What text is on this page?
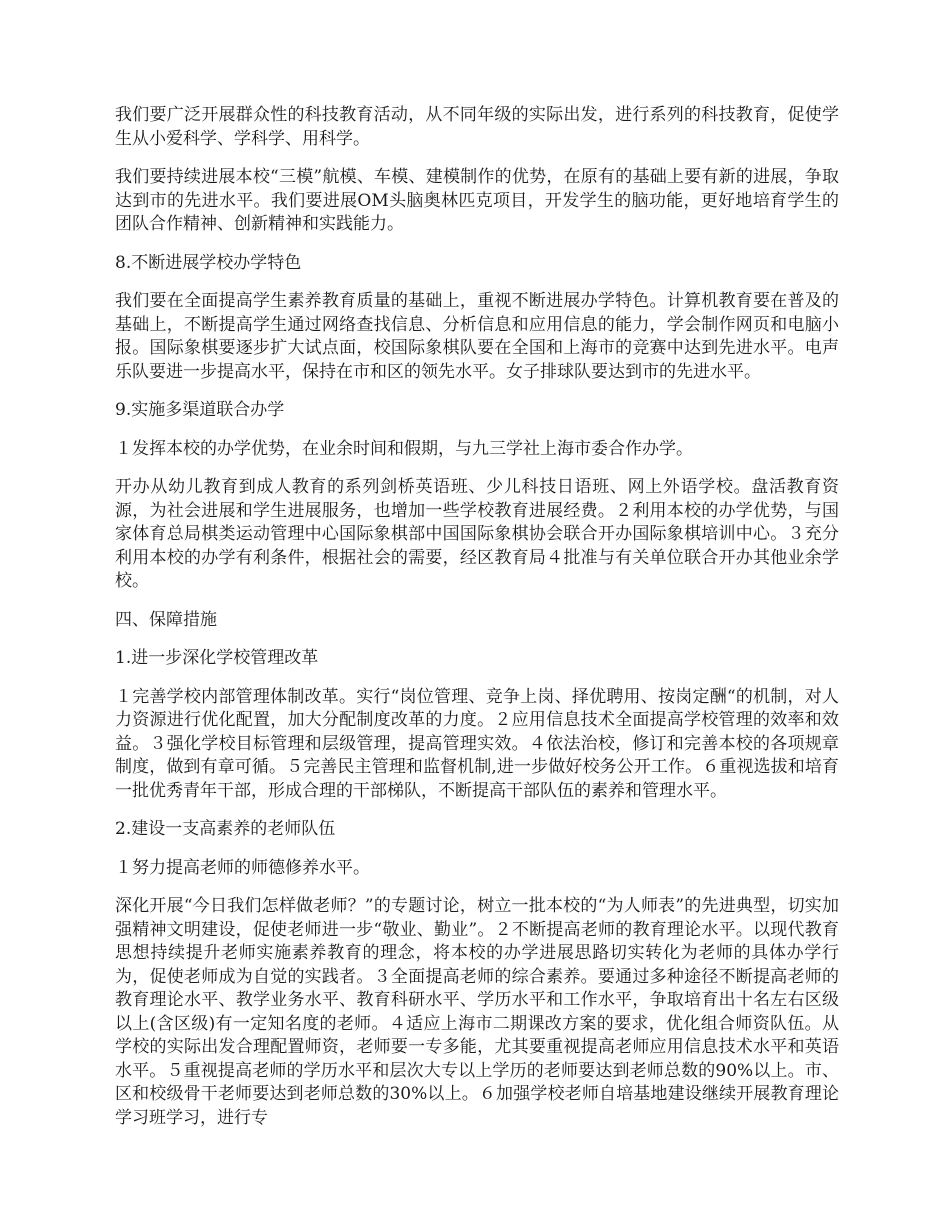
我们要广泛开展群众性的科技教育活动，从不同年级的实际出发，进行系列的科技教育，促使学生从小爱科学、学科学、用科学。

我们要持续进展本校“三模”航模、车模、建模制作的优势，在原有的基础上要有新的进展，争取达到市的先进水平。我们要进展OM头脑奥林匹克项目，开发学生的脑功能，更好地培育学生的团队合作精神、创新精神和实践能力。

8.不断进展学校办学特色

我们要在全面提高学生素养教育质量的基础上，重视不断进展办学特色。计算机教育要在普及的基础上，不断提高学生通过网络查找信息、分析信息和应用信息的能力，学会制作网页和电脑小报。国际象棋要逐步扩大试点面，校国际象棋队要在全国和上海市的竞赛中达到先进水平。电声乐队要进一步提高水平，保持在市和区的领先水平。女子排球队要达到市的先进水平。

9.实施多渠道联合办学

１发挥本校的办学优势，在业余时间和假期，与九三学社上海市委合作办学。

开办从幼儿教育到成人教育的系列剑桥英语班、少儿科技日语班、网上外语学校。盘活教育资源，为社会进展和学生进展服务，也增加一些学校教育进展经费。２利用本校的办学优势，与国家体育总局棋类运动管理中心国际象棋部中国国际象棋协会联合开办国际象棋培训中心。３充分利用本校的办学有利条件，根据社会的需要，经区教育局４批准与有关单位联合开办其他业余学校。

四、保障措施

1.进一步深化学校管理改革

１完善学校内部管理体制改革。实行“岗位管理、竞争上岗、择优聘用、按岗定酬“的机制，对人力资源进行优化配置，加大分配制度改革的力度。２应用信息技术全面提高学校管理的效率和效益。３强化学校目标管理和层级管理，提高管理实效。４依法治校，修订和完善本校的各项规章制度，做到有章可循。５完善民主管理和监督机制,进一步做好校务公开工作。６重视选拔和培育一批优秀青年干部，形成合理的干部梯队，不断提高干部队伍的素养和管理水平。

2.建设一支高素养的老师队伍

１努力提高老师的师德修养水平。

深化开展“今日我们怎样做老师？”的专题讨论，树立一批本校的“为人师表”的先进典型，切实加强精神文明建设，促使老师进一步“敬业、勤业”。２不断提高老师的教育理论水平。以现代教育思想持续提升老师实施素养教育的理念，将本校的办学进展思路切实转化为老师的具体办学行为，促使老师成为自觉的实践者。３全面提高老师的综合素养。要通过多种途径不断提高老师的教育理论水平、教学业务水平、教育科研水平、学历水平和工作水平，争取培育出十名左右区级以上(含区级)有一定知名度的老师。４适应上海市二期课改方案的要求，优化组合师资队伍。从学校的实际出发合理配置师资，老师要一专多能，尤其要重视提高老师应用信息技术水平和英语水平。５重视提高老师的学历水平和层次大专以上学历的老师要达到老师总数的90%以上。市、区和校级骨干老师要达到老师总数的30%以上。６加强学校老师自培基地建设继续开展教育理论学习班学习，进行专
